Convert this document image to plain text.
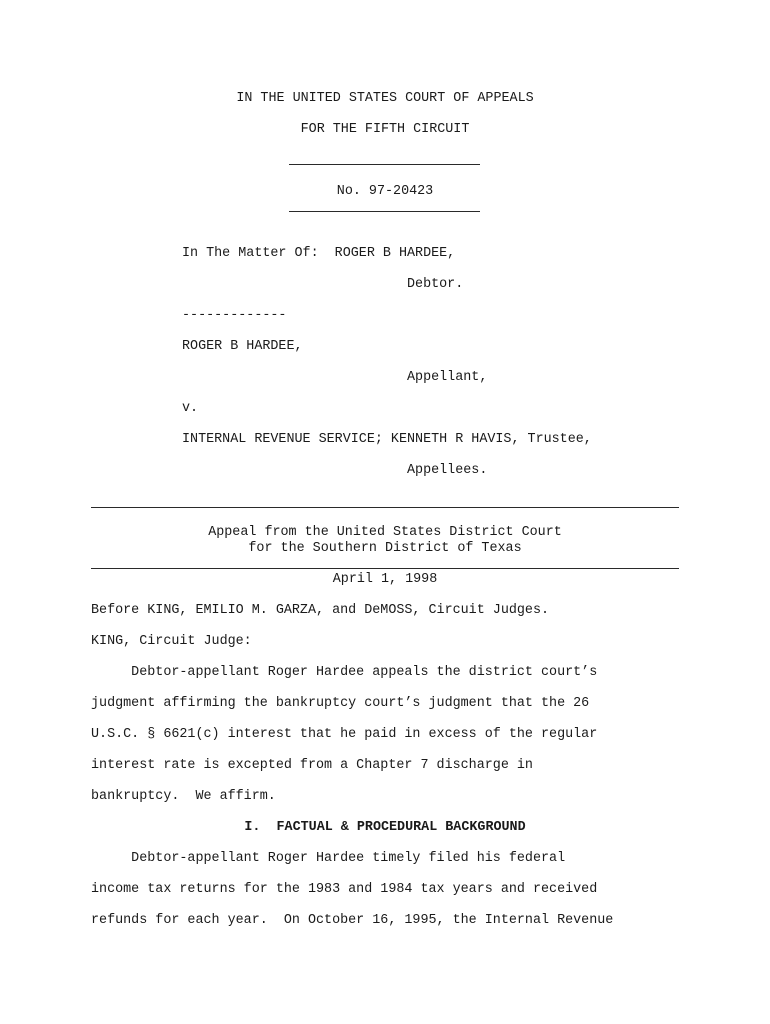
IN THE UNITED STATES COURT OF APPEALS
FOR THE FIFTH CIRCUIT
No. 97-20423
In The Matter Of:  ROGER B HARDEE,
Debtor.
-------------
ROGER B HARDEE,
Appellant,
v.
INTERNAL REVENUE SERVICE; KENNETH R HAVIS, Trustee,
Appellees.
Appeal from the United States District Court
for the Southern District of Texas
April 1, 1998
Before KING, EMILIO M. GARZA, and DeMOSS, Circuit Judges.
KING, Circuit Judge:
Debtor-appellant Roger Hardee appeals the district court’s
judgment affirming the bankruptcy court’s judgment that the 26
U.S.C. § 6621(c) interest that he paid in excess of the regular
interest rate is excepted from a Chapter 7 discharge in
bankruptcy.  We affirm.
I.  FACTUAL & PROCEDURAL BACKGROUND
Debtor-appellant Roger Hardee timely filed his federal
income tax returns for the 1983 and 1984 tax years and received
refunds for each year.  On October 16, 1995, the Internal Revenue
